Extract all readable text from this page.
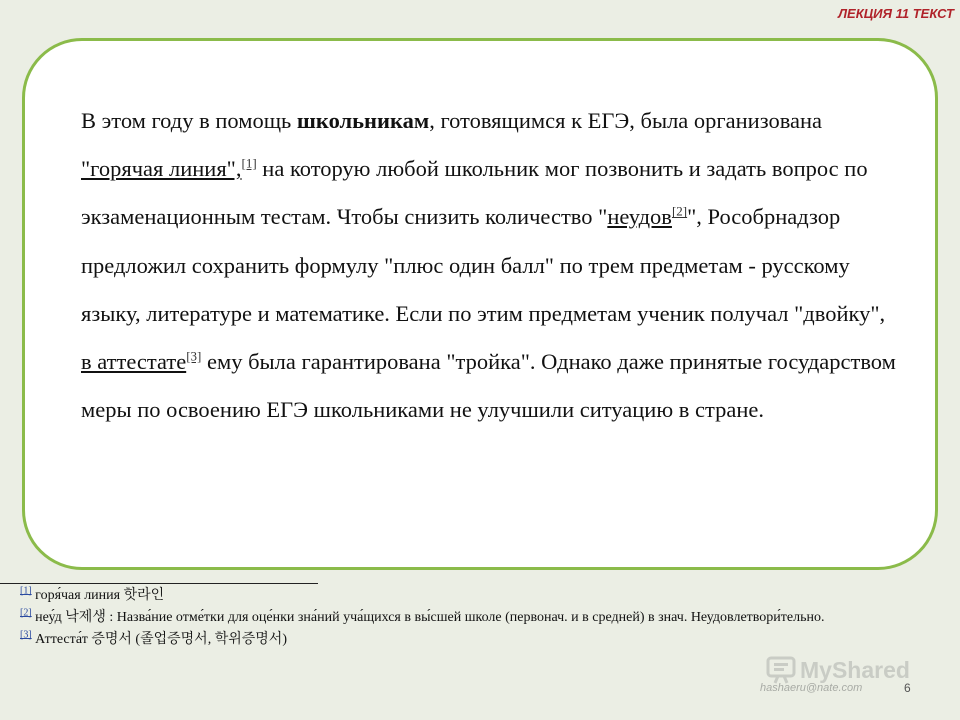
ЛЕКЦИЯ 11 ТЕКСТ
В этом году в помощь школьникам, готовящимся к ЕГЭ, была организована "горячая линия",[1] на которую любой школьник мог позвонить и задать вопрос по экзаменационным тестам. Чтобы снизить количество "неудов[2]", Рособрнадзор предложил сохранить формулу "плюс один балл" по трем предметам - русскому языку, литературе и математике. Если по этим предметам ученик получал "двойку", в аттестате[3] ему была гарантирована "тройка". Однако даже принятые государством меры по освоению ЕГЭ школьниками не улучшили ситуацию в стране.
[1] горя́чая линия 핫라인
[2] неу́д 낙제생 : Назва́ние отме́тки для оце́нки зна́ний уча́щихся в вы́сшей школе (первонач. и в средней) в знач. Неудовлетвори́тельно.
[3] Аттеста́т 증명서 (졸업증명서, 학위증명서)
MyShared
hashaeru@nate.com	6
